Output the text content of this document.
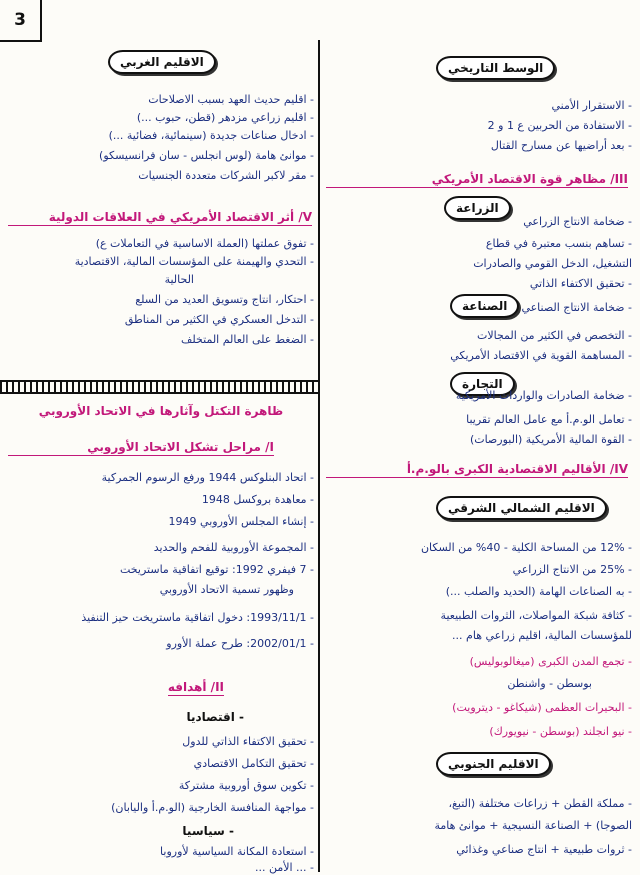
3
الاقليم الغربي
- اقليم حديث العهد بسبب الاصلاحات
- اقليم زراعي مزدهر (قطن، حبوب ...)
- ادخال صناعات جديدة (سينمائية، فضائية ...)
- موانئ هامة (لوس انجلس - سان فرانسيسكو)
- مقر لاكبر الشركات متعددة الجنسيات
V/ أثر الاقتصاد الأمريكي في العلاقات الدولية
- تفوق عملتها (العملة الاساسية في التعاملات ع)
- التحدي والهيمنة على المؤسسات المالية، الاقتصادية
الحالية
- احتكار، انتاج وتسويق العديد من السلع
- التدخل العسكري في الكثير من المناطق
- الضغط على العالم المتخلف
ظاهرة التكتل وآثارها في الاتحاد الأوروبي
I/ مراحل تشكل الاتحاد الأوروبي
- اتحاد البنلوكس 1944 ورفع الرسوم الجمركية
- معاهدة بروكسل 1948
- إنشاء المجلس الأوروبي 1949
- المجموعة الأوروبية للفحم والحديد
- 7 فيفري 1992: توقيع اتفاقية ماستريخت
وظهور تسمية الاتحاد الأوروبي
- 1993/11/1: دخول اتفاقية ماستريخت حيز التنفيذ
- 2002/01/1: طرح عملة الأورو
II/ أهدافه
- اقتصاديا
- تحقيق الاكتفاء الذاتي للدول
- تحقيق التكامل الاقتصادي
- تكوين سوق أوروبية مشتركة
- مواجهة المنافسة الخارجية (الو.م.أ واليابان)
- سياسيا
- استعادة المكانة السياسية لأوروبا
- ... الأمن ...
الوسط التاريخي
- الاستقرار الأمني
- الاستفادة من الحربين ع 1 و 2
- بعد أراضيها عن مسارح القتال
III/ مظاهر قوة الاقتصاد الأمريكي
الزراعة
- ضخامة الانتاج الزراعي
- تساهم بنسب معتبرة في قطاع
التشغيل، الدخل القومي والصادرات
- تحقيق الاكتفاء الذاتي
الصناعة	- ضخامة الانتاج الصناعي
- التخصص في الكثير من المجالات
- المساهمة القوية في الاقتصاد الأمريكي
التجارة
- ضخامة الصادرات والواردات الأمريكية
- تعامل الو.م.أ مع عامل العالم تقريبا
- القوة المالية الأمريكية (البورصات)
IV/ الأقاليم الاقتصادية الكبرى بالو.م.أ
الاقليم الشمالي الشرقي
- 12% من المساحة الكلية - 40% من السكان
- 25% من الانتاج الزراعي
- به الصناعات الهامة (الحديد والصلب ...)
- كثافة شبكة المواصلات، الثروات الطبيعية
للمؤسسات المالية، اقليم زراعي هام ...
- تجمع المدن الكبرى (ميغالوبوليس)
بوسطن - واشنطن
- البحيرات العظمى (شيكاغو - ديترويت)
- نيو انجلند (بوسطن - نيويورك)
الاقليم الجنوبي
- مملكة القطن + زراعات مختلفة (التبغ،
الصوجا) + الصناعة النسيجية + موانئ هامة
- ثروات طبيعية + انتاج صناعي وغذائي
